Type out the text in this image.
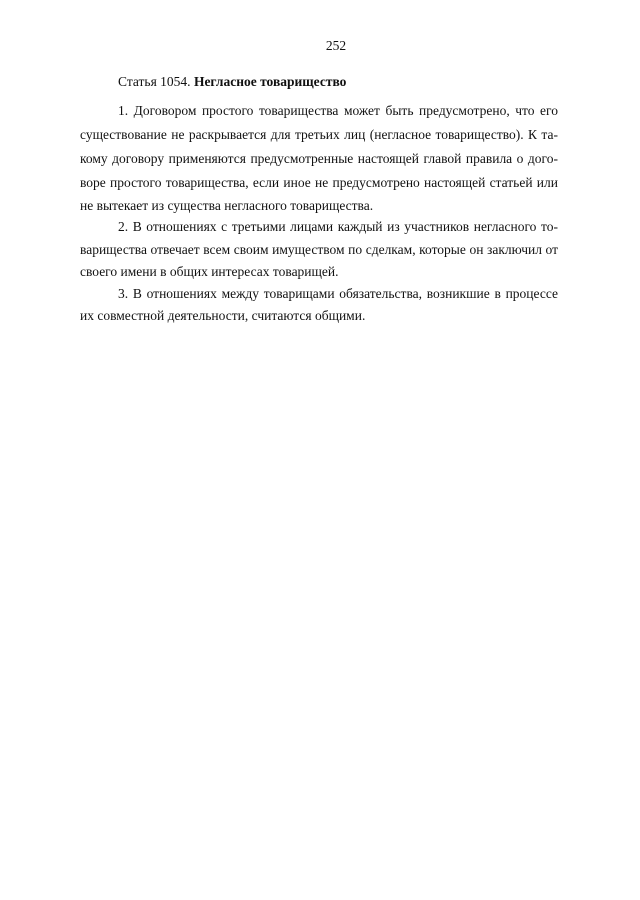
252
Статья 1054. Негласное товарищество
1. Договором простого товарищества может быть предусмотрено, что его
существование не раскрывается для третьих лиц (негласное товарищество). К та-
кому договору применяются предусмотренные настоящей главой правила о дого-
воре простого товарищества, если иное не предусмотрено настоящей статьей или
не вытекает из существа негласного товарищества.
2. В отношениях с третьими лицами каждый из участников негласного то-
варищества отвечает всем своим имуществом по сделкам, которые он заключил от
своего имени в общих интересах товарищей.
3. В отношениях между товарищами обязательства, возникшие в процессе
их совместной деятельности, считаются общими.
